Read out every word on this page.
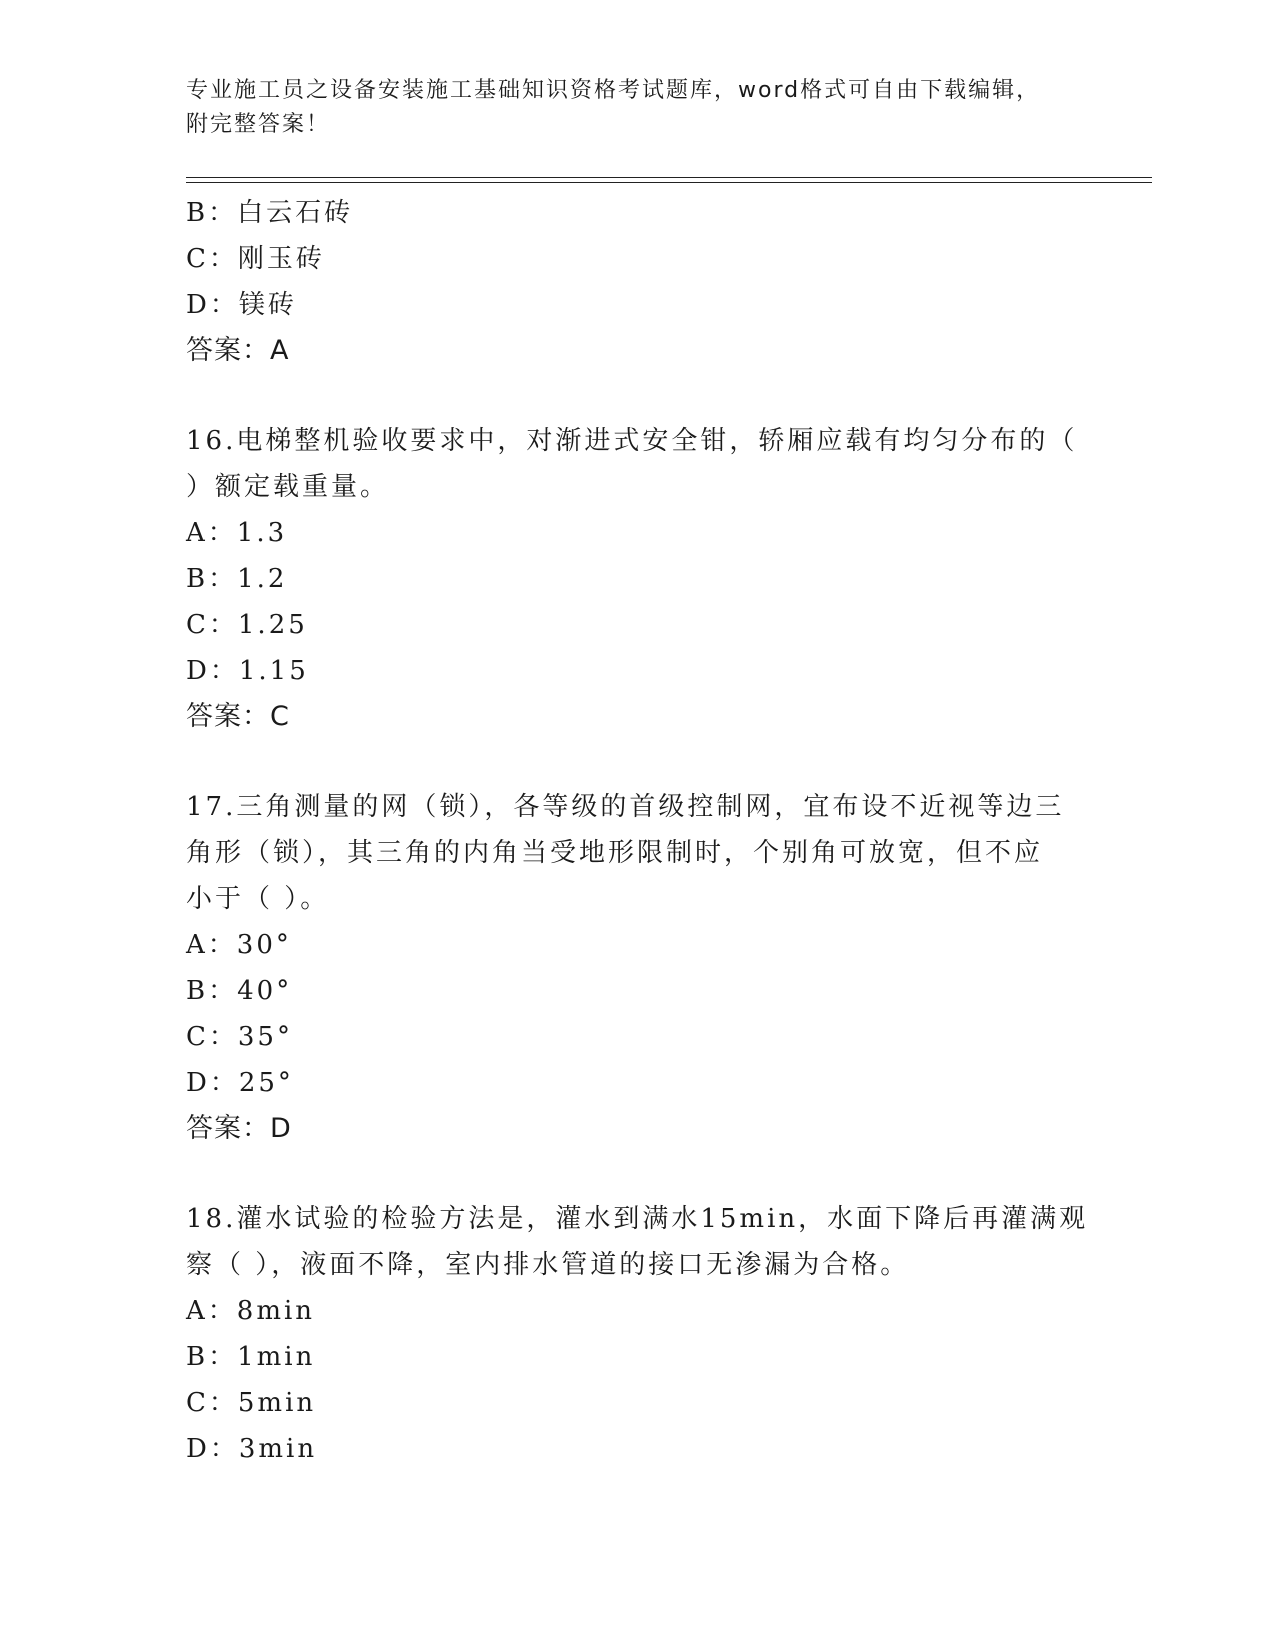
专业施工员之设备安装施工基础知识资格考试题库，word格式可自由下载编辑，
附完整答案！
B：白云石砖
C：刚玉砖
D：镁砖
答案：A
16.电梯整机验收要求中，对渐进式安全钳，轿厢应载有均匀分布的（
）额定载重量。
A：1.3
B：1.2
C：1.25
D：1.15
答案：C
17.三角测量的网（锁），各等级的首级控制网，宜布设不近视等边三
角形（锁），其三角的内角当受地形限制时，个别角可放宽，但不应
小于（ ）。
A：30°
B：40°
C：35°
D：25°
答案：D
18.灌水试验的检验方法是，灌水到满水15min，水面下降后再灌满观
察（ ），液面不降，室内排水管道的接口无渗漏为合格。
A：8min
B：1min
C：5min
D：3min
